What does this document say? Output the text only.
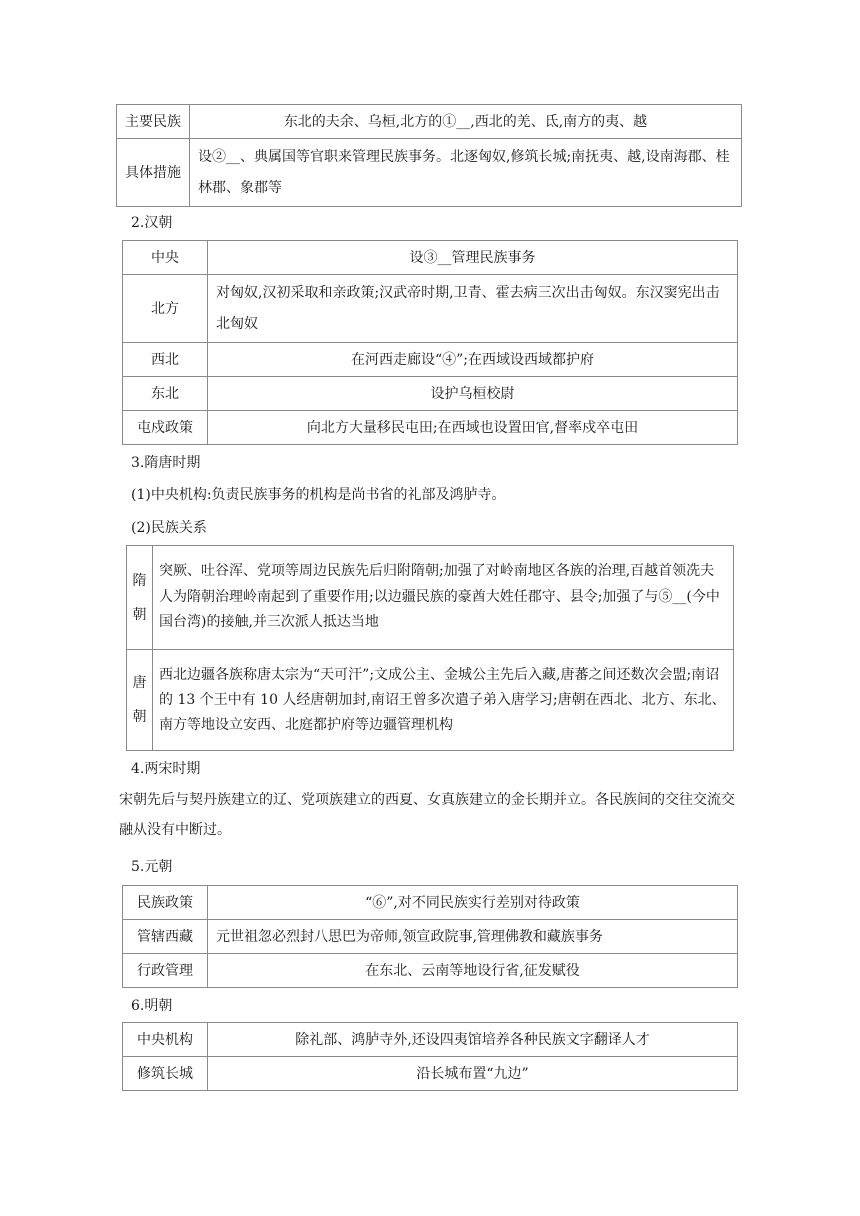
主要民族	东北的夫余、乌桓,北方的①__,西北的羌、氐,南方的夷、越
具体措施	设②__、典属国等官职来管理民族事务。北逐匈奴,修筑长城;南抚夷、越,设南海郡、桂林郡、象郡等
2.汉朝
中央	设③__管理民族事务
北方	对匈奴,汉初采取和亲政策;汉武帝时期,卫青、霍去病三次出击匈奴。东汉窦宪出击北匈奴
西北	在河西走廊设“④”;在西域设西域都护府
东北	设护乌桓校尉
屯戍政策	向北方大量移民屯田;在西域也设置田官,督率戍卒屯田
3.隋唐时期
(1)中央机构:负责民族事务的机构是尚书省的礼部及鸿胪寺。
(2)民族关系
隋
朝	突厥、吐谷浑、党项等周边民族先后归附隋朝;加强了对岭南地区各族的治理,百越首领冼夫人为隋朝治理岭南起到了重要作用;以边疆民族的豪酋大姓任郡守、县令;加强了与⑤__(今中国台湾)的接触,并三次派人抵达当地

唐
朝	西北边疆各族称唐太宗为“天可汗”;文成公主、金城公主先后入藏,唐蕃之间还数次会盟;南诏的 13 个王中有 10 人经唐朝加封,南诏王曾多次遣子弟入唐学习;唐朝在西北、北方、东北、南方等地设立安西、北庭都护府等边疆管理机构
4.两宋时期
宋朝先后与契丹族建立的辽、党项族建立的西夏、女真族建立的金长期并立。各民族间的交往交流交融从没有中断过。
5.元朝
民族政策	“⑥”,对不同民族实行差别对待政策
管辖西藏	元世祖忽必烈封八思巴为帝师,领宣政院事,管理佛教和藏族事务
行政管理	在东北、云南等地设行省,征发赋役
6.明朝
中央机构	除礼部、鸿胪寺外,还设四夷馆培养各种民族文字翻译人才
修筑长城	沿长城布置“九边”
